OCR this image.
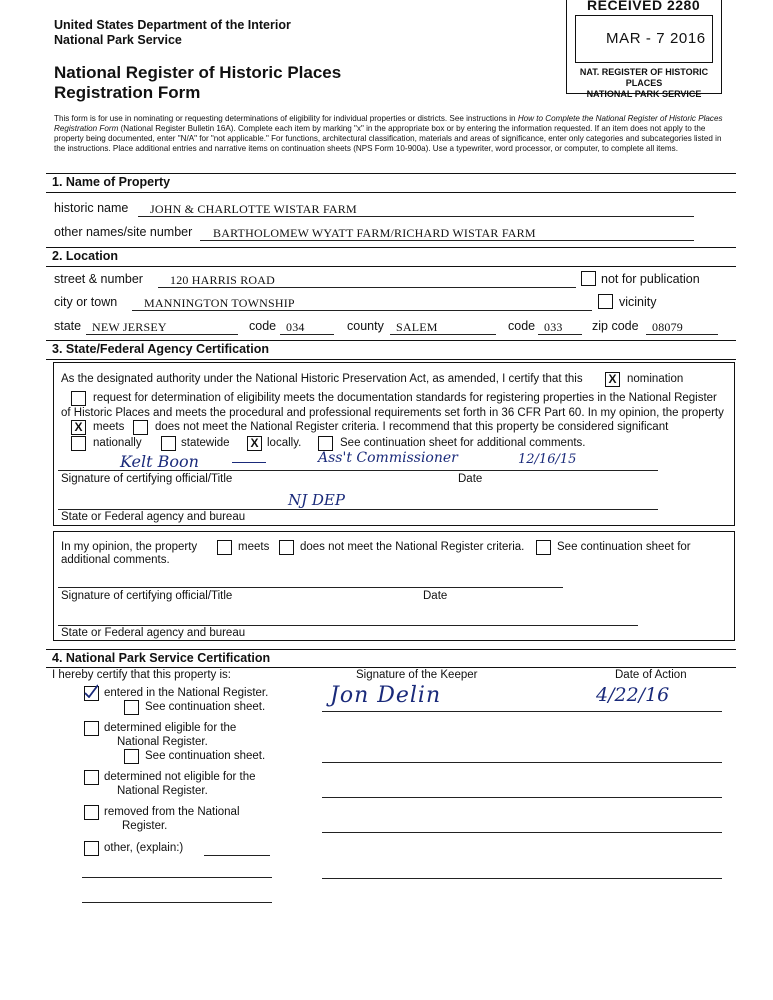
United States Department of the Interior
National Park Service
National Register of Historic Places
Registration Form
RECEIVED 2280
MAR - 7 2016
NAT. REGISTER OF HISTORIC PLACES
NATIONAL PARK SERVICE
This form is for use in nominating or requesting determinations of eligibility for individual properties or districts. See instructions in How to Complete the National Register of Historic Places Registration Form (National Register Bulletin 16A). Complete each item by marking "x" in the appropriate box or by entering the information requested. If an item does not apply to the property being documented, enter "N/A" for "not applicable." For functions, architectural classification, materials and areas of significance, enter only categories and subcategories listed in the instructions. Place additional entries and narrative items on continuation sheets (NPS Form 10-900a). Use a typewriter, word processor, or computer, to complete all items.
1. Name of Property
historic name JOHN & CHARLOTTE WISTAR FARM
other names/site number BARTHOLOMEW WYATT FARM/RICHARD WISTAR FARM
2. Location
street & number 120 HARRIS ROAD	not for publication
city or town MANNINGTON TOWNSHIP	vicinity
state NEW JERSEY	code 034	county SALEM	code 033 zip code 08079
3. State/Federal Agency Certification
As the designated authority under the National Historic Preservation Act, as amended, I certify that this X nomination
request for determination of eligibility meets the documentation standards for registering properties in the National Register
of Historic Places and meets the procedural and professional requirements set forth in 36 CFR Part 60. In my opinion, the property
X meets	does not meet the National Register criteria. I recommend that this property be considered significant
nationally	statewide X locally.	See continuation sheet for additional comments.
Kelt Boon	Ass't Commissioner	12/16/15
Signature of certifying official/Title	Date
NJ DEP
State or Federal agency and bureau
In my opinion, the property	meets	does not meet the National Register criteria.	See continuation sheet for
additional comments.
Signature of certifying official/Title	Date
State or Federal agency and bureau
4. National Park Service Certification
I hereby certify that this property is:	Signature of the Keeper	Date of Action
entered in the National Register.
See continuation sheet.
determined eligible for the
National Register.
See continuation sheet.
determined not eligible for the
National Register.
removed from the National
Register.
other, (explain:)
Jon Delin	4/22/16
